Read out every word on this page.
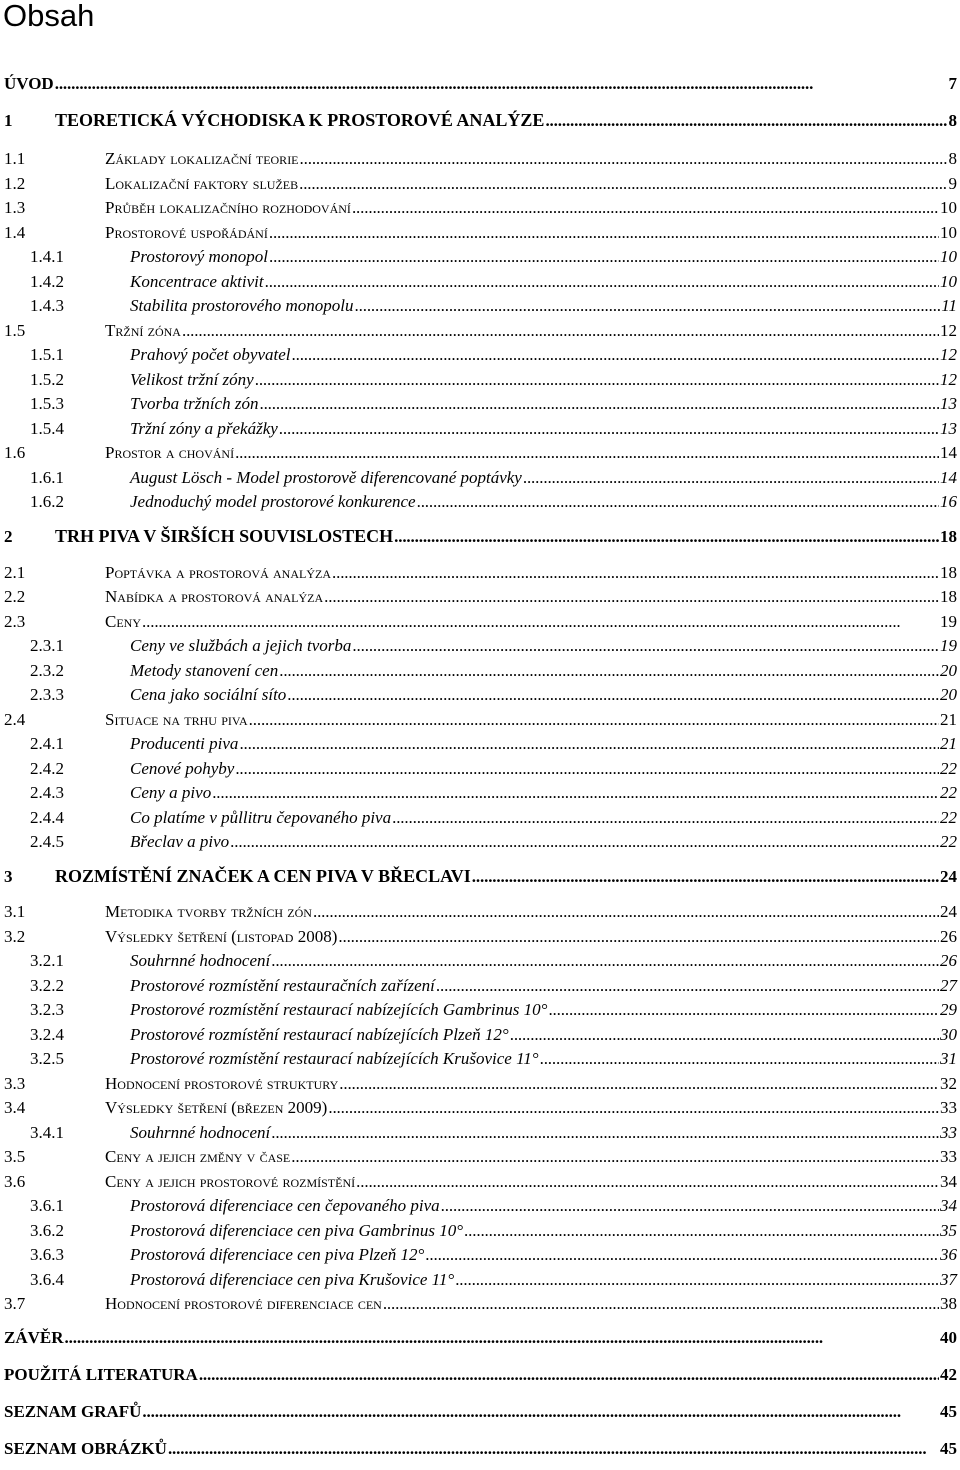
Obsah
ÚVOD . . .	7
1	TEORETICKÁ VÝCHODISKA K PROSTOROVÉ ANALÝZE . . .	8
1.1	Základy lokalizační teorie . . .	8
1.2	Lokalizační faktory služeb . . .	9
1.3	Průběh lokalizačního rozhodování . . .	10
1.4	Prostorové uspořádání . . .	10
1.4.1	Prostorový monopol . . .	10
1.4.2	Koncentrace aktivit . . .	10
1.4.3	Stabilita prostorového monopolu . . .	11
1.5	Tržní zóna . . .	12
1.5.1	Prahový počet obyvatel . . .	12
1.5.2	Velikost tržní zóny . . .	12
1.5.3	Tvorba tržních zón . . .	13
1.5.4	Tržní zóny a překážky . . .	13
1.6	Prostor a chování . . .	14
1.6.1	August Lösch - Model prostorově diferencované poptávky . . .	14
1.6.2	Jednoduchý model prostorové konkurence . . .	16
2	TRH PIVA V ŠIRŠÍCH SOUVISLOSTECH . . .	18
2.1	Poptávka a prostorová analýza . . .	18
2.2	Nabídka a prostorová analýza . . .	18
2.3	Ceny . . .	19
2.3.1	Ceny ve službách a jejich tvorba . . .	19
2.3.2	Metody stanovení cen . . .	20
2.3.3	Cena jako sociální síto . . .	20
2.4	Situace na trhu piva . . .	21
2.4.1	Producenti piva . . .	21
2.4.2	Cenové pohyby . . .	22
2.4.3	Ceny a pivo . . .	22
2.4.4	Co platíme v půllitru čepovaného piva . . .	22
2.4.5	Břeclav a pivo . . .	22
3	ROZMÍSTĚNÍ ZNAČEK A CEN PIVA V BŘECLAVI . . .	24
3.1	Metodika tvorby tržních zón . . .	24
3.2	Výsledky šetření (listopad 2008) . . .	26
3.2.1	Souhrnné hodnocení . . .	26
3.2.2	Prostorové rozmístění restauračních zařízení . . .	27
3.2.3	Prostorové rozmístění restaurací nabízejících Gambrinus 10° . . .	29
3.2.4	Prostorové rozmístění restaurací nabízejících Plzeň 12° . . .	30
3.2.5	Prostorové rozmístění restaurací nabízejících Krušovice 11° . . .	31
3.3	Hodnocení prostorové struktury . . .	32
3.4	Výsledky šetření (březen 2009) . . .	33
3.4.1	Souhrnné hodnocení . . .	33
3.5	Ceny a jejich změny v čase . . .	33
3.6	Ceny a jejich prostorové rozmístění . . .	34
3.6.1	Prostorová diferenciace cen čepovaného piva . . .	34
3.6.2	Prostorová diferenciace cen piva Gambrinus 10° . . .	35
3.6.3	Prostorová diferenciace cen piva Plzeň 12° . . .	36
3.6.4	Prostorová diferenciace cen piva Krušovice 11° . . .	37
3.7	Hodnocení prostorové diferenciace cen . . .	38
ZÁVĚR . . .	40
POUŽITÁ LITERATURA . . .	42
SEZNAM GRAFŮ . . .	45
SEZNAM OBRÁZKŮ . . .	45
